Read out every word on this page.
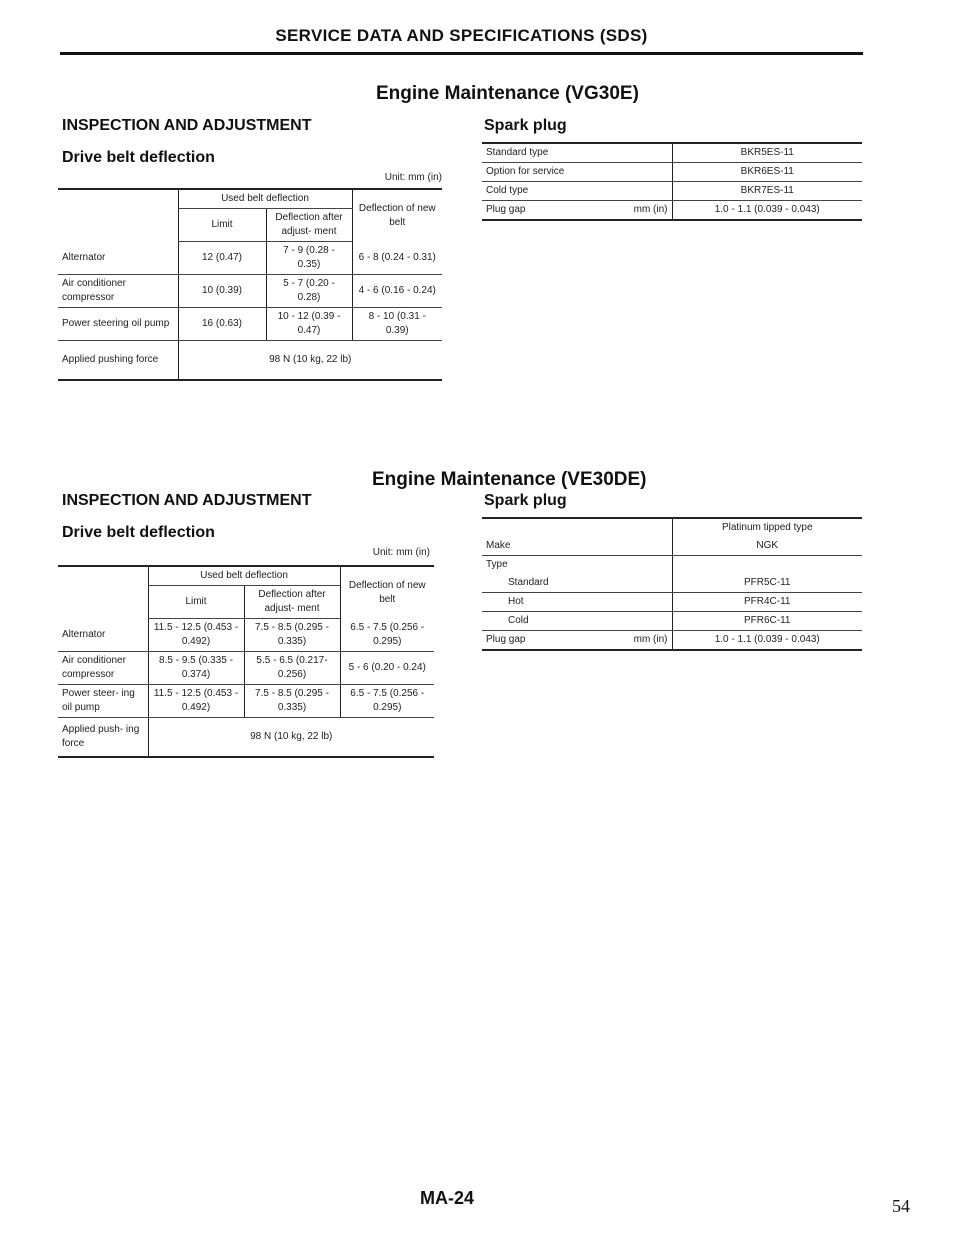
SERVICE DATA AND SPECIFICATIONS (SDS)
Engine Maintenance (VG30E)
INSPECTION AND ADJUSTMENT
Drive belt deflection
Unit: mm (in)
	Used belt deflection		Deflection of new belt
	Limit	Deflection after adjust- ment	
Alternator	12 (0.47)	7 - 9 (0.28 - 0.35)	6 - 8 (0.24 - 0.31)
Air conditioner compressor	10 (0.39)	5 - 7 (0.20 - 0.28)	4 - 6 (0.16 - 0.24)
Power steering oil pump	16 (0.63)	10 - 12 (0.39 - 0.47)	8 - 10 (0.31 - 0.39)
Applied pushing force	98 N (10 kg, 22 lb)		
Spark plug
Standard type	BKR5ES-11
Option for service	BKR6ES-11
Cold type	BKR7ES-11

Plug gap mm (in)	1.0 - 1.1 (0.039 - 0.043)
Engine Maintenance (VE30DE)
INSPECTION AND ADJUSTMENT
Drive belt deflection
Unit: mm (in)
	Used belt deflection		Deflection of new belt
	Limit	Deflection after adjust- ment	
Alternator	11.5 - 12.5 (0.453 - 0.492)	7.5 - 8.5 (0.295 - 0.335)	6.5 - 7.5 (0.256 - 0.295)
Air conditioner compressor	8.5 - 9.5 (0.335 - 0.374)	5.5 - 6.5 (0.217- 0.256)	5 - 6 (0.20 - 0.24)
Power steer- ing oil pump	11.5 - 12.5 (0.453 - 0.492)	7.5 - 8.5 (0.295 - 0.335)	6.5 - 7.5 (0.256 - 0.295)
Applied push- ing force	98 N (10 kg, 22 lb)		
Spark plug
	Platinum tipped type
Make	NGK
Type	
Standard	PFR5C-11
Hot	PFR4C-11
Cold	PFR6C-11

Plug gap mm (in)	1.0 - 1.1 (0.039 - 0.043)
MA-24	54
